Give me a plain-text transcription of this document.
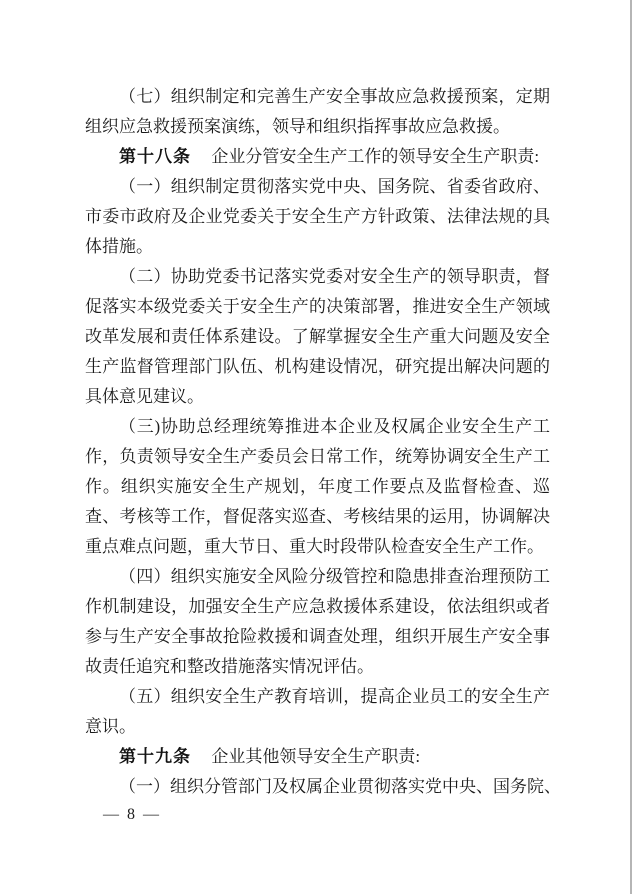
（七）组织制定和完善生产安全事故应急救援预案，定期组织应急救援预案演练，领导和组织指挥事故应急救援。

第十八条 企业分管安全生产工作的领导安全生产职责:

（一）组织制定贯彻落实党中央、国务院、省委省政府、市委市政府及企业党委关于安全生产方针政策、法律法规的具体措施。

（二）协助党委书记落实党委对安全生产的领导职责，督促落实本级党委关于安全生产的决策部署，推进安全生产领域改革发展和责任体系建设。了解掌握安全生产重大问题及安全生产监督管理部门队伍、机构建设情况，研究提出解决问题的具体意见建议。

（三)协助总经理统筹推进本企业及权属企业安全生产工作，负责领导安全生产委员会日常工作，统筹协调安全生产工作。组织实施安全生产规划，年度工作要点及监督检查、巡查、考核等工作，督促落实巡查、考核结果的运用，协调解决重点难点问题，重大节日、重大时段带队检查安全生产工作。

（四）组织实施安全风险分级管控和隐患排查治理预防工作机制建设，加强安全生产应急救援体系建设，依法组织或者参与生产安全事故抢险救援和调查处理，组织开展生产安全事故责任追究和整改措施落实情况评估。

（五）组织安全生产教育培训，提高企业员工的安全生产意识。

第十九条 企业其他领导安全生产职责:

（一）组织分管部门及权属企业贯彻落实党中央、国务院、

— 8 —
